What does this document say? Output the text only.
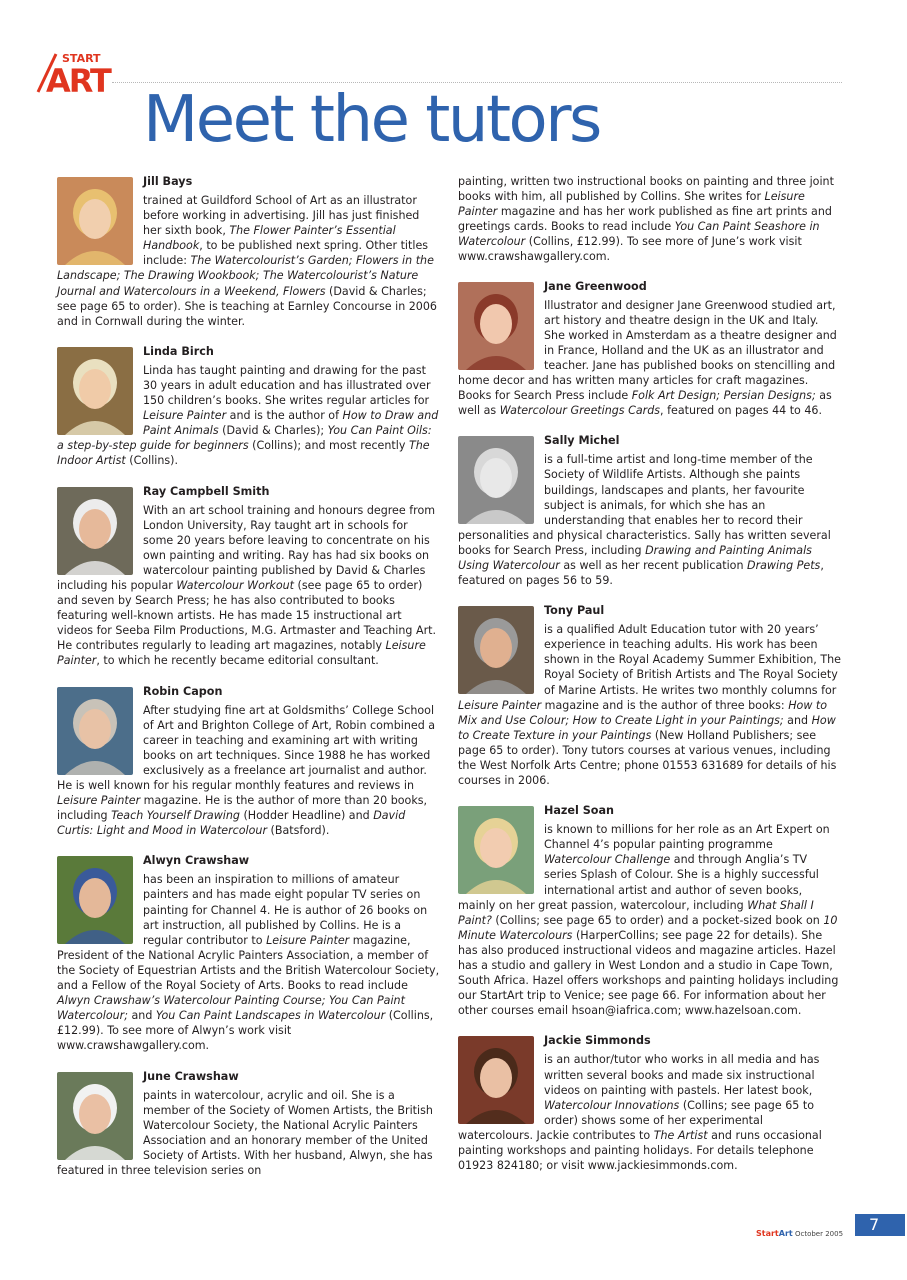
START
ART
Meet the tutors
Jill Bays

trained at Guildford School of Art as an illustrator before working in advertising. Jill has just finished her sixth book, The Flower Painter’s Essential Handbook, to be published next spring. Other titles include: The Watercolourist’s Garden; Flowers in the Landscape; The Drawing Wookbook; The Watercolourist’s Nature Journal and Watercolours in a Weekend, Flowers (David & Charles; see page 65 to order). She is teaching at Earnley Concourse in 2006 and in Cornwall during the winter.

Linda Birch

Linda has taught painting and drawing for the past 30 years in adult education and has illustrated over 150 children’s books. She writes regular articles for Leisure Painter and is the author of How to Draw and Paint Animals (David & Charles); You Can Paint Oils: a step-by-step guide for beginners (Collins); and most recently The Indoor Artist (Collins).

Ray Campbell Smith

With an art school training and honours degree from London University, Ray taught art in schools for some 20 years before leaving to concentrate on his own painting and writing. Ray has had six books on watercolour painting published by David & Charles including his popular Watercolour Workout (see page 65 to order) and seven by Search Press; he has also contributed to books featuring well-known artists. He has made 15 instructional art videos for Seeba Film Productions, M.G. Artmaster and Teaching Art. He contributes regularly to leading art magazines, notably Leisure Painter, to which he recently became editorial consultant.

Robin Capon

After studying fine art at Goldsmiths’ College School of Art and Brighton College of Art, Robin combined a career in teaching and examining art with writing books on art techniques. Since 1988 he has worked exclusively as a freelance art journalist and author. He is well known for his regular monthly features and reviews in Leisure Painter magazine. He is the author of more than 20 books, including Teach Yourself Drawing (Hodder Headline) and David Curtis: Light and Mood in Watercolour (Batsford).

Alwyn Crawshaw

has been an inspiration to millions of amateur painters and has made eight popular TV series on painting for Channel 4. He is author of 26 books on art instruction, all published by Collins. He is a regular contributor to Leisure Painter magazine, President of the National Acrylic Painters Association, a member of the Society of Equestrian Artists and the British Watercolour Society, and a Fellow of the Royal Society of Arts. Books to read include Alwyn Crawshaw’s Watercolour Painting Course; You Can Paint Watercolour; and You Can Paint Landscapes in Watercolour (Collins, £12.99). To see more of Alwyn’s work visit www.crawshawgallery.com.

June Crawshaw

paints in watercolour, acrylic and oil. She is a member of the Society of Women Artists, the British Watercolour Society, the National Acrylic Painters Association and an honorary member of the United Society of Artists. With her husband, Alwyn, she has featured in three television series on

painting, written two instructional books on painting and three joint books with him, all published by Collins. She writes for Leisure Painter magazine and has her work published as fine art prints and greetings cards. Books to read include You Can Paint Seashore in Watercolour (Collins, £12.99). To see more of June’s work visit www.crawshawgallery.com.

Jane Greenwood

Illustrator and designer Jane Greenwood studied art, art history and theatre design in the UK and Italy. She worked in Amsterdam as a theatre designer and in France, Holland and the UK as an illustrator and teacher. Jane has published books on stencilling and home decor and has written many articles for craft magazines. Books for Search Press include Folk Art Design; Persian Designs; as well as Watercolour Greetings Cards, featured on pages 44 to 46.

Sally Michel

is a full-time artist and long-time member of the Society of Wildlife Artists. Although she paints buildings, landscapes and plants, her favourite subject is animals, for which she has an understanding that enables her to record their personalities and physical characteristics. Sally has written several books for Search Press, including Drawing and Painting Animals Using Watercolour as well as her recent publication Drawing Pets, featured on pages 56 to 59.

Tony Paul

is a qualified Adult Education tutor with 20 years’ experience in teaching adults. His work has been shown in the Royal Academy Summer Exhibition, The Royal Society of British Artists and The Royal Society of Marine Artists. He writes two monthly columns for Leisure Painter magazine and is the author of three books: How to Mix and Use Colour; How to Create Light in your Paintings; and How to Create Texture in your Paintings (New Holland Publishers; see page 65 to order). Tony tutors courses at various venues, including the West Norfolk Arts Centre; phone 01553 631689 for details of his courses in 2006.

Hazel Soan

is known to millions for her role as an Art Expert on Channel 4’s popular painting programme Watercolour Challenge and through Anglia’s TV series Splash of Colour. She is a highly successful international artist and author of seven books, mainly on her great passion, watercolour, including What Shall I Paint? (Collins; see page 65 to order) and a pocket-sized book on 10 Minute Watercolours (HarperCollins; see page 22 for details). She has also produced instructional videos and magazine articles. Hazel has a studio and gallery in West London and a studio in Cape Town, South Africa. Hazel offers workshops and painting holidays including our StartArt trip to Venice; see page 66. For information about her other courses email hsoan@iafrica.com; www.hazelsoan.com.

Jackie Simmonds

is an author/tutor who works in all media and has written several books and made six instructional videos on painting with pastels. Her latest book, Watercolour Innovations (Collins; see page 65 to order) shows some of her experimental watercolours. Jackie contributes to The Artist and runs occasional painting workshops and painting holidays. For details telephone 01923 824180; or visit www.jackiesimmonds.com.

StartArt October 2005	7
